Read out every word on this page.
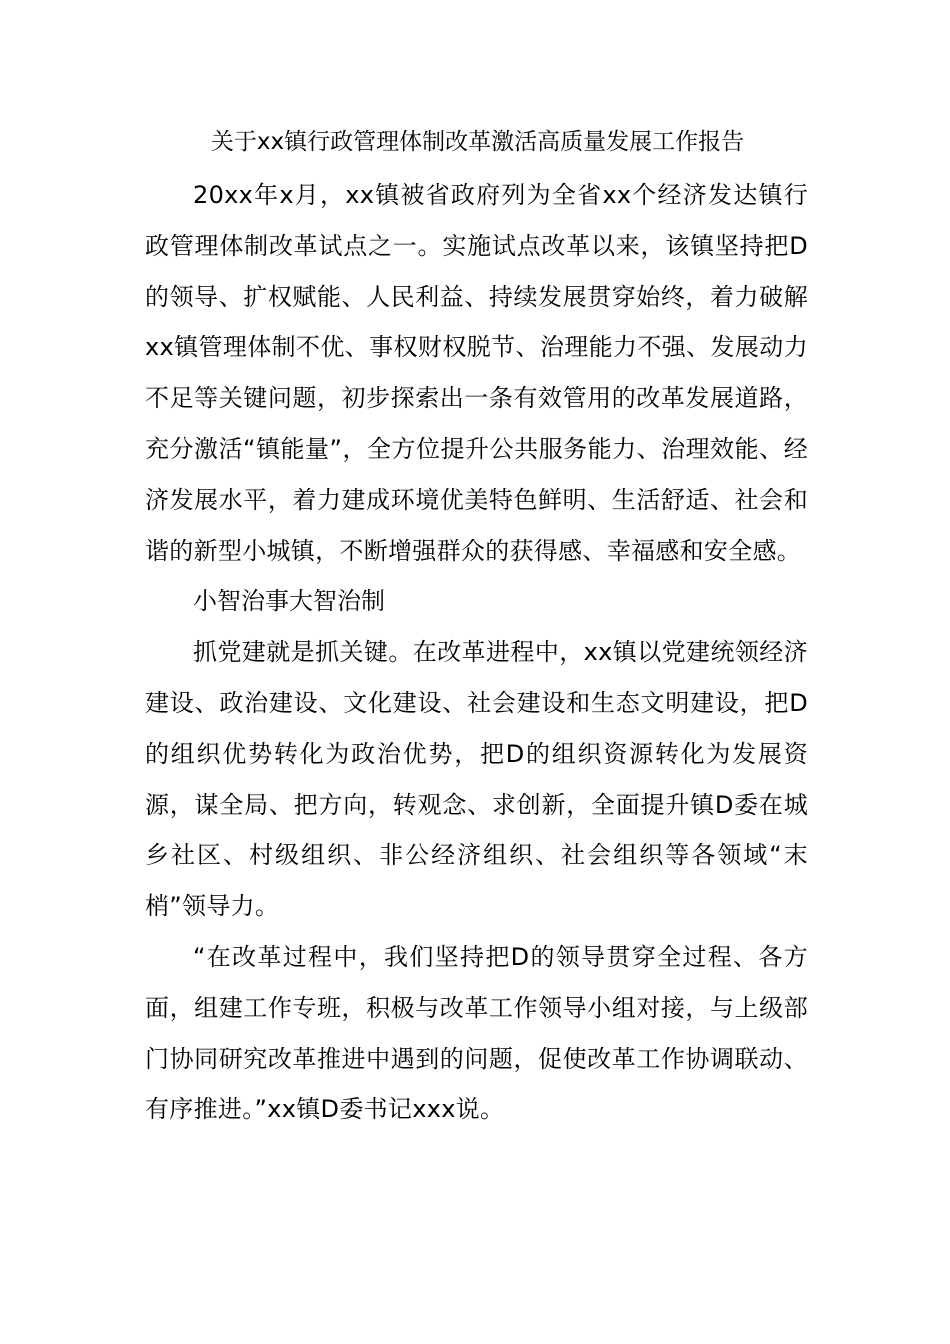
关于xx镇行政管理体制改革激活高质量发展工作报告

20xx年x月，xx镇被省政府列为全省xx个经济发达镇行政管理体制改革试点之一。实施试点改革以来，该镇坚持把D的领导、扩权赋能、人民利益、持续发展贯穿始终，着力破解xx镇管理体制不优、事权财权脱节、治理能力不强、发展动力不足等关键问题，初步探索出一条有效管用的改革发展道路，充分激活“镇能量”，全方位提升公共服务能力、治理效能、经济发展水平，着力建成环境优美特色鲜明、生活舒适、社会和谐的新型小城镇，不断增强群众的获得感、幸福感和安全感。

小智治事大智治制

抓党建就是抓关键。在改革进程中，xx镇以党建统领经济建设、政治建设、文化建设、社会建设和生态文明建设，把D的组织优势转化为政治优势，把D的组织资源转化为发展资源，谋全局、把方向，转观念、求创新，全面提升镇D委在城乡社区、村级组织、非公经济组织、社会组织等各领域“末梢”领导力。

“在改革过程中，我们坚持把D的领导贯穿全过程、各方面，组建工作专班，积极与改革工作领导小组对接，与上级部门协同研究改革推进中遇到的问题，促使改革工作协调联动、有序推进。”xx镇D委书记xxx说。
